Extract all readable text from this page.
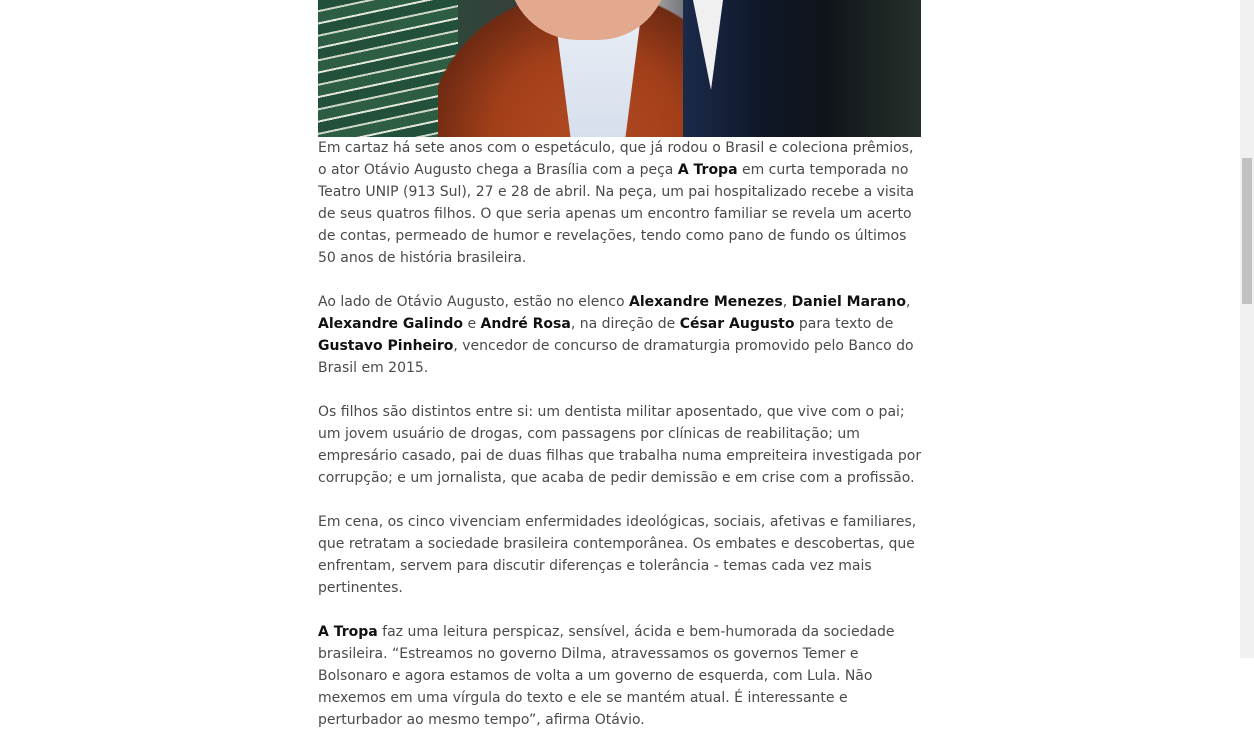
Em cartaz há sete anos com o espetáculo, que já rodou o Brasil e coleciona prêmios, o ator Otávio Augusto chega a Brasília com a peça A Tropa em curta temporada no Teatro UNIP (913 Sul), 27 e 28 de abril. Na peça, um pai hospitalizado recebe a visita de seus quatros filhos. O que seria apenas um encontro familiar se revela um acerto de contas, permeado de humor e revelações, tendo como pano de fundo os últimos 50 anos de história brasileira.

Ao lado de Otávio Augusto, estão no elenco Alexandre Menezes, Daniel Marano, Alexandre Galindo e André Rosa, na direção de César Augusto para texto de Gustavo Pinheiro, vencedor de concurso de dramaturgia promovido pelo Banco do Brasil em 2015.

Os filhos são distintos entre si: um dentista militar aposentado, que vive com o pai; um jovem usuário de drogas, com passagens por clínicas de reabilitação; um empresário casado, pai de duas filhas que trabalha numa empreiteira investigada por corrupção; e um jornalista, que acaba de pedir demissão e em crise com a profissão.

Em cena, os cinco vivenciam enfermidades ideológicas, sociais, afetivas e familiares, que retratam a sociedade brasileira contemporânea. Os embates e descobertas, que enfrentam, servem para discutir diferenças e tolerância - temas cada vez mais pertinentes.

A Tropa faz uma leitura perspicaz, sensível, ácida e bem-humorada da sociedade brasileira. “Estreamos no governo Dilma, atravessamos os governos Temer e Bolsonaro e agora estamos de volta a um governo de esquerda, com Lula. Não mexemos em uma vírgula do texto e ele se mantém atual. É interessante e perturbador ao mesmo tempo”, afirma Otávio.
